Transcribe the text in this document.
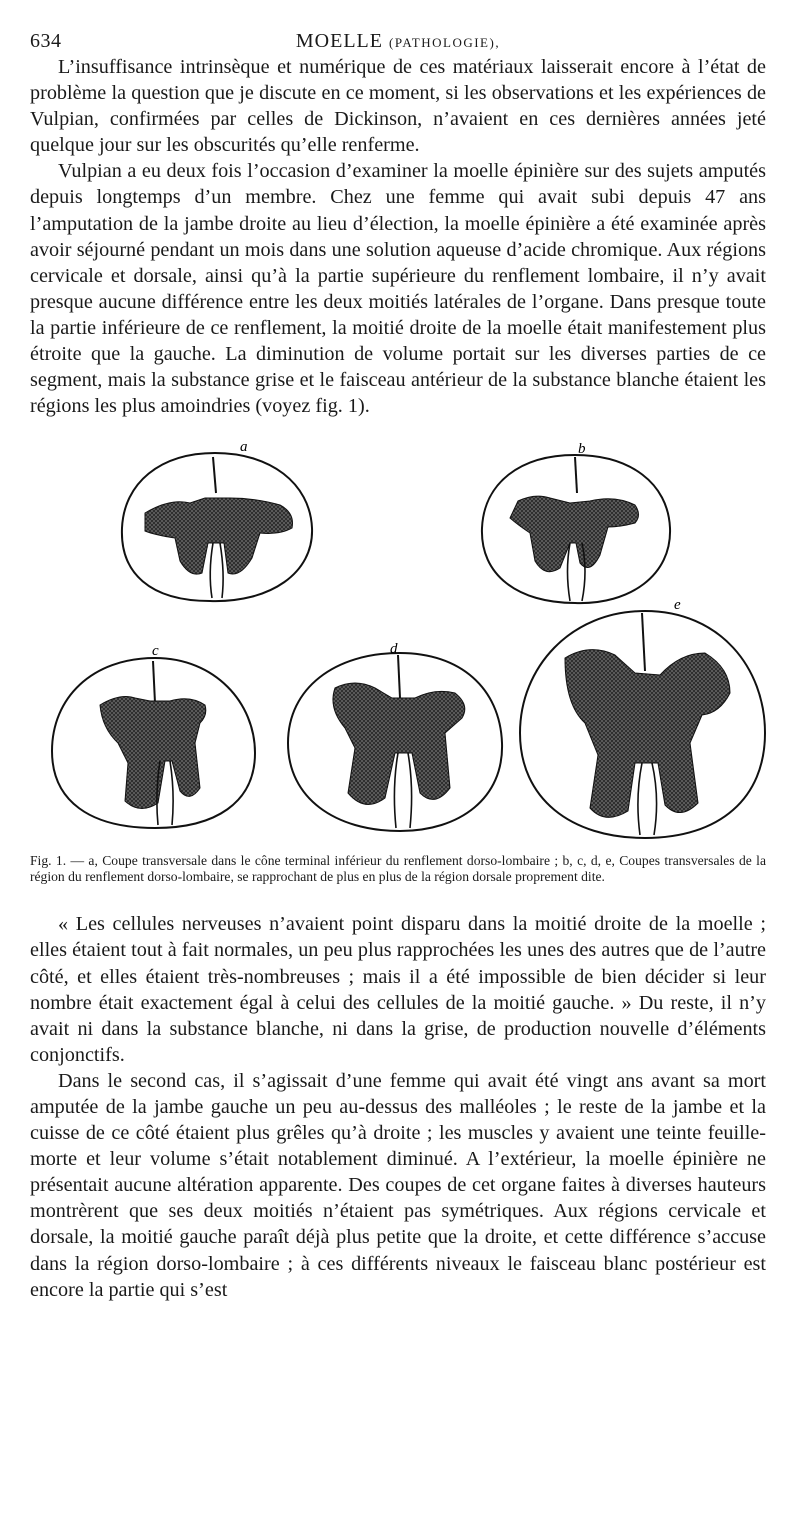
634	MOELLE (PATHOLOGIE),

L’insuffisance intrinsèque et numérique de ces matériaux laisserait encore à l’état de problème la question que je discute en ce moment, si les observations et les expériences de Vulpian, confirmées par celles de Dickinson, n’avaient en ces dernières années jeté quelque jour sur les obscurités qu’elle renferme.

Vulpian a eu deux fois l’occasion d’examiner la moelle épinière sur des sujets amputés depuis longtemps d’un membre. Chez une femme qui avait subi depuis 47 ans l’amputation de la jambe droite au lieu d’élection, la moelle épinière a été examinée après avoir séjourné pendant un mois dans une solution aqueuse d’acide chromique. Aux régions cervicale et dorsale, ainsi qu’à la partie supérieure du renflement lombaire, il n’y avait presque aucune différence entre les deux moitiés latérales de l’organe. Dans presque toute la partie inférieure de ce renflement, la moitié droite de la moelle était manifestement plus étroite que la gauche. La diminution de volume portait sur les diverses parties de ce segment, mais la substance grise et le faisceau antérieur de la substance blanche étaient les régions les plus amoindries (voyez fig. 1).

a	b
c	d
e

Fig. 1. — a, Coupe transversale dans le cône terminal inférieur du renflement dorso-lombaire ; b, c, d, e, Coupes transversales de la région du renflement dorso-lombaire, se rapprochant de plus en plus de la région dorsale proprement dite.

« Les cellules nerveuses n’avaient point disparu dans la moitié droite de la moelle ; elles étaient tout à fait normales, un peu plus rapprochées les unes des autres que de l’autre côté, et elles étaient très-nombreuses ; mais il a été impossible de bien décider si leur nombre était exactement égal à celui des cellules de la moitié gauche. » Du reste, il n’y avait ni dans la substance blanche, ni dans la grise, de production nouvelle d’éléments conjonctifs.

Dans le second cas, il s’agissait d’une femme qui avait été vingt ans avant sa mort amputée de la jambe gauche un peu au-dessus des malléoles ; le reste de la jambe et la cuisse de ce côté étaient plus grêles qu’à droite ; les muscles y avaient une teinte feuille-morte et leur volume s’était notablement diminué. A l’extérieur, la moelle épinière ne présentait aucune altération apparente. Des coupes de cet organe faites à diverses hauteurs montrèrent que ses deux moitiés n’étaient pas symétriques. Aux régions cervicale et dorsale, la moitié gauche paraît déjà plus petite que la droite, et cette différence s’accuse dans la région dorso-lombaire ; à ces différents niveaux le faisceau blanc postérieur est encore la partie qui s’est
